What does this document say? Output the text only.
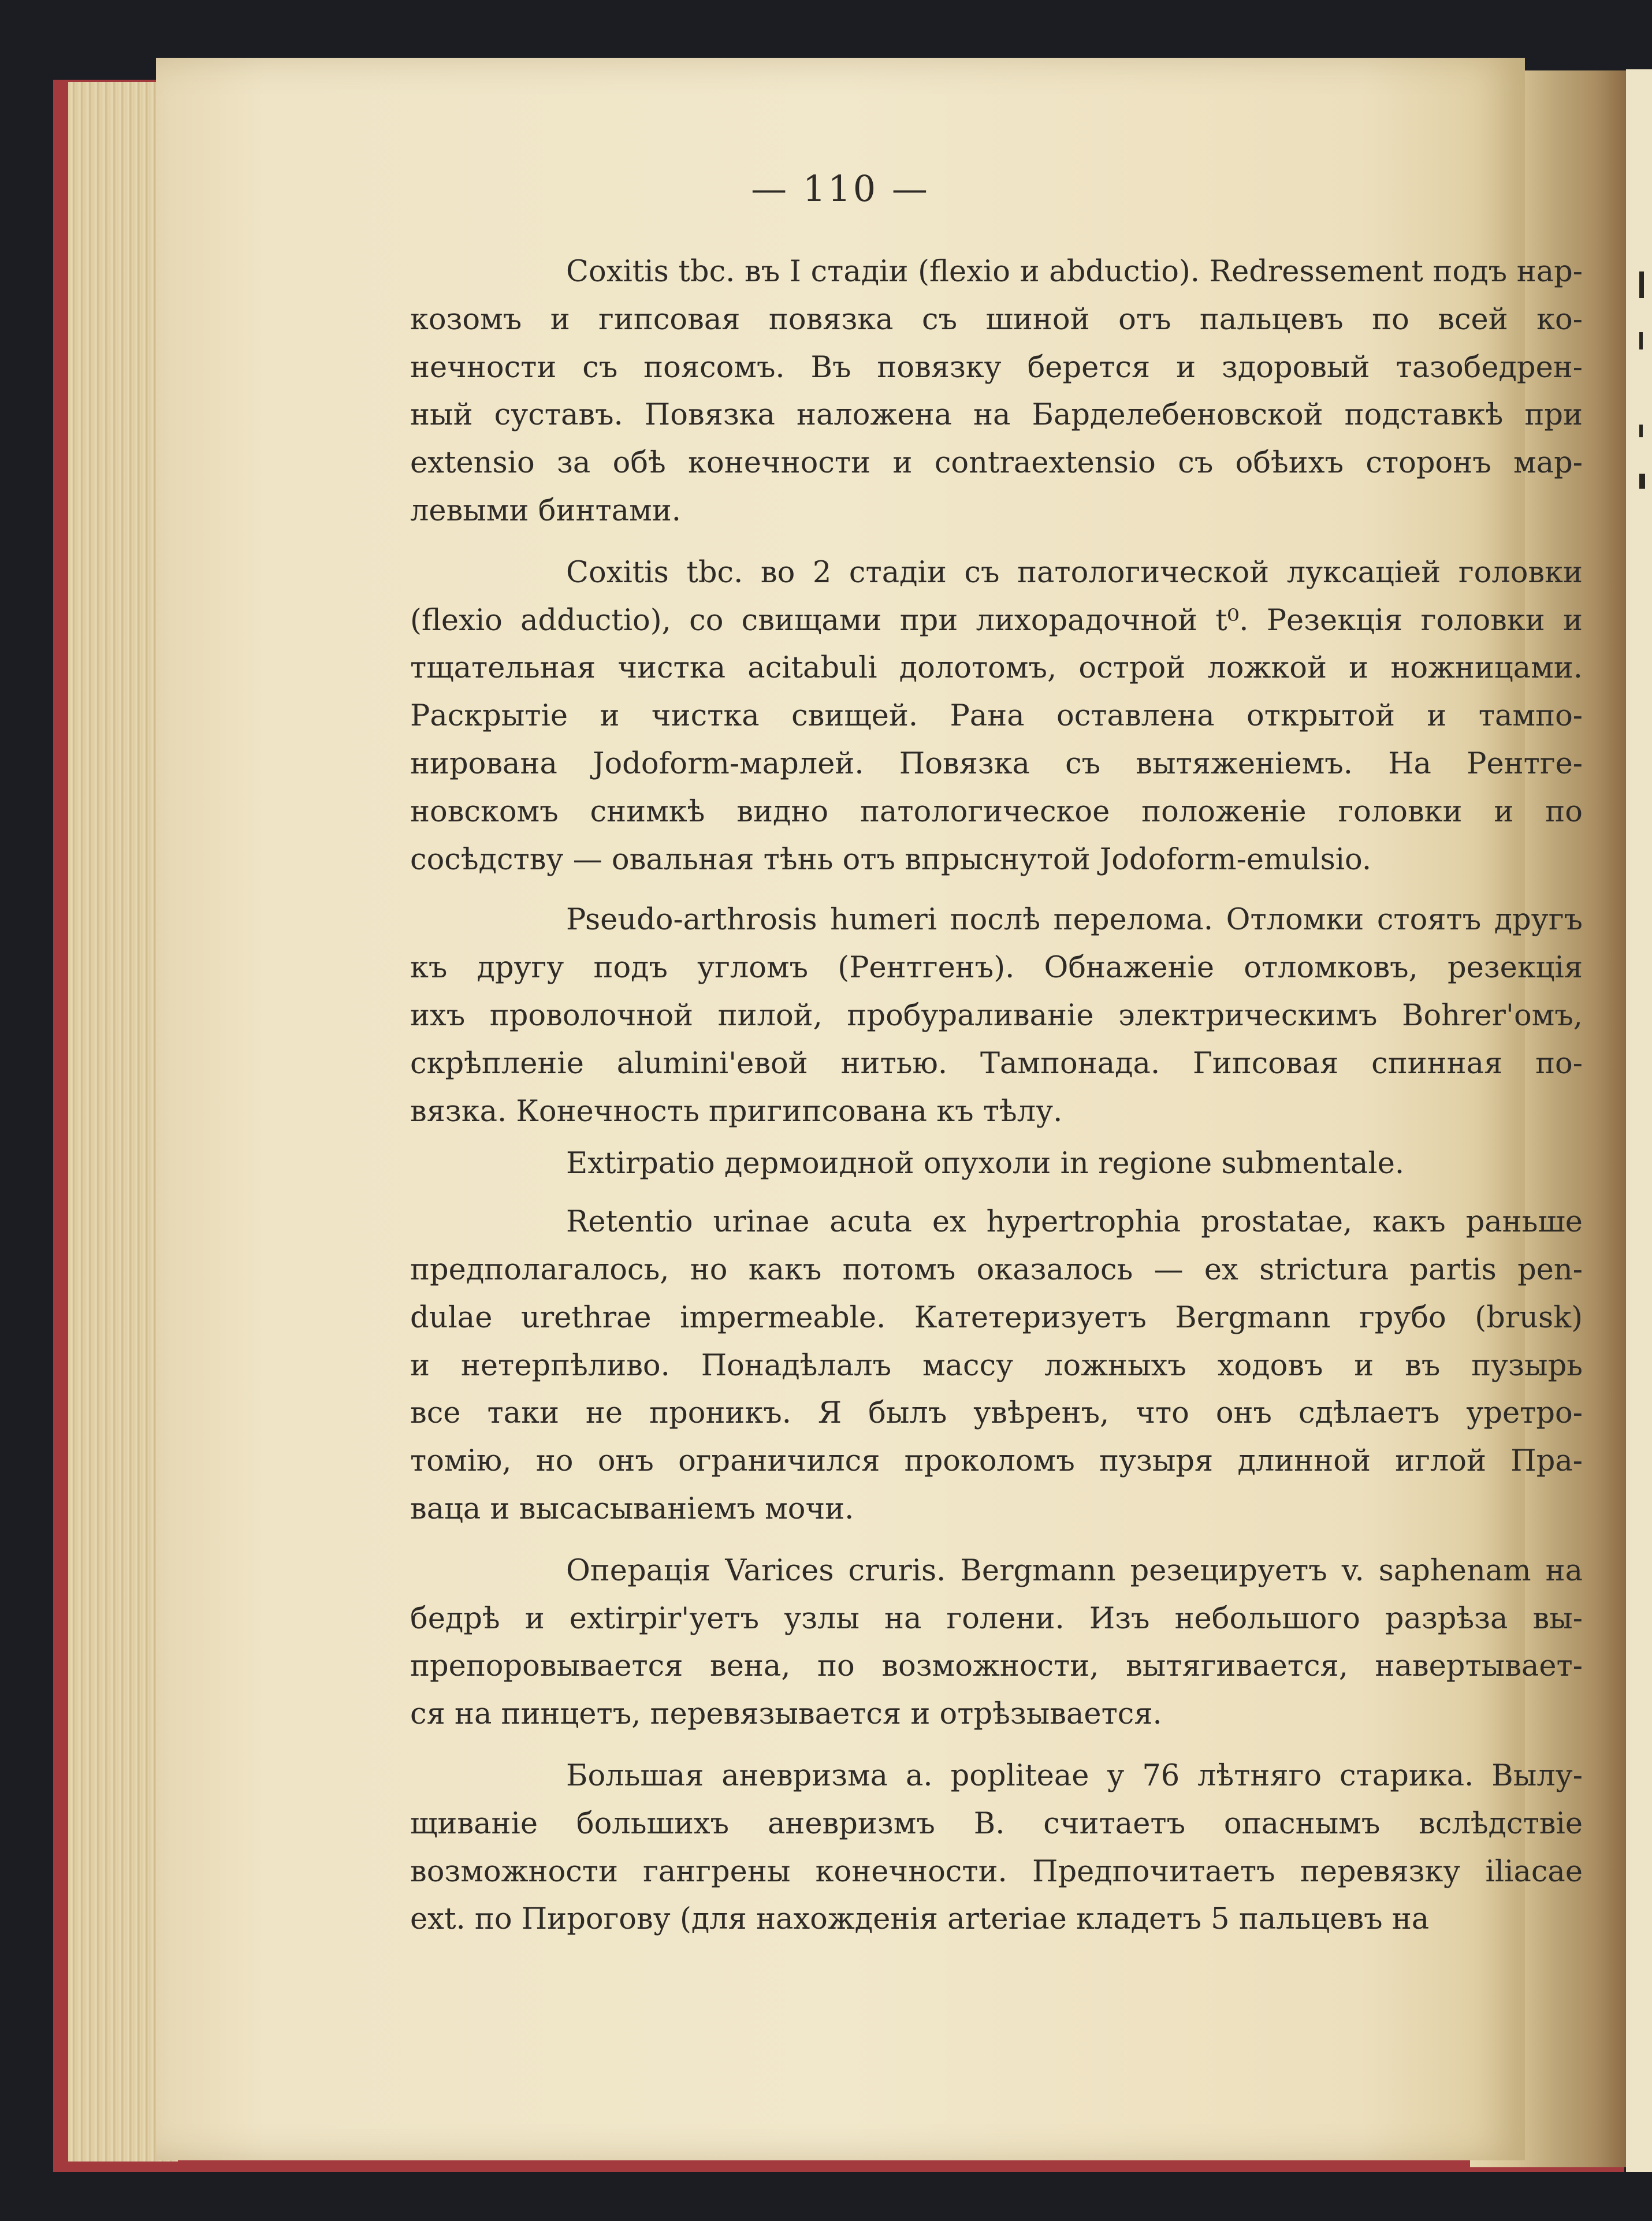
— 110 —

Coxitis tbc. въ I стадіи (flexio и abductio). Redressement подъ нар-
козомъ и гипсовая повязка съ шиной отъ пальцевъ по всей ко-
нечности съ поясомъ. Въ повязку берется и здоровый тазобедрен-
ный суставъ. Повязка наложена на Барделебеновской подставкѣ при
extensio за обѣ конечности и contraextensio съ обѣихъ сторонъ мар-
левыми бинтами.

Coxitis tbc. во 2 стадіи съ патологической луксаціей головки
(flexio adductio), со свищами при лихорадочной t⁰. Резекція головки и
тщательная чистка acitabuli долотомъ, острой ложкой и ножницами.
Раскрытіе и чистка свищей. Рана оставлена открытой и тампо-
нирована Jodoform-марлей. Повязка съ вытяженіемъ. На Рентге-
новскомъ снимкѣ видно патологическое положеніе головки и по
сосѣдству — овальная тѣнь отъ впрыснутой Jodoform-emulsio.

Pseudo-arthrosis humeri послѣ перелома. Отломки стоятъ другъ
къ другу подъ угломъ (Рентгенъ). Обнаженіе отломковъ, резекція
ихъ проволочной пилой, пробураливаніе электрическимъ Bohrer'омъ,
скрѣпленіе alumini'евой нитью. Тампонада. Гипсовая спинная по-
вязка. Конечность пригипсована къ тѣлу.

Extirpatio дермоидной опухоли in regione submentale.

Retentio urinae acuta ex hypertrophia prostatae, какъ раньше
предполагалось, но какъ потомъ оказалось — ex strictura partis pen-
dulae urethrae impermeable. Катетеризуетъ Bergmann грубо (brusk)
и нетерпѣливо. Понадѣлалъ массу ложныхъ ходовъ и въ пузырь
все таки не проникъ. Я былъ увѣренъ, что онъ сдѣлаетъ уретро-
томію, но онъ ограничился проколомъ пузыря длинной иглой Пра-
ваца и высасываніемъ мочи.

Операція Varices cruris. Bergmann резецируетъ v. saphenam на
бедрѣ и extirpir'уетъ узлы на голени. Изъ небольшого разрѣза вы-
препоровывается вена, по возможности, вытягивается, навертывает-
ся на пинцетъ, перевязывается и отрѣзывается.

Большая аневризма a. popliteae у 76 лѣтняго старика. Вылу-
щиваніе большихъ аневризмъ В. считаетъ опаснымъ вслѣдствіе
возможности гангрены конечности. Предпочитаетъ перевязку iliacae
ext. по Пирогову (для нахожденія arteriae кладетъ 5 пальцевъ на
